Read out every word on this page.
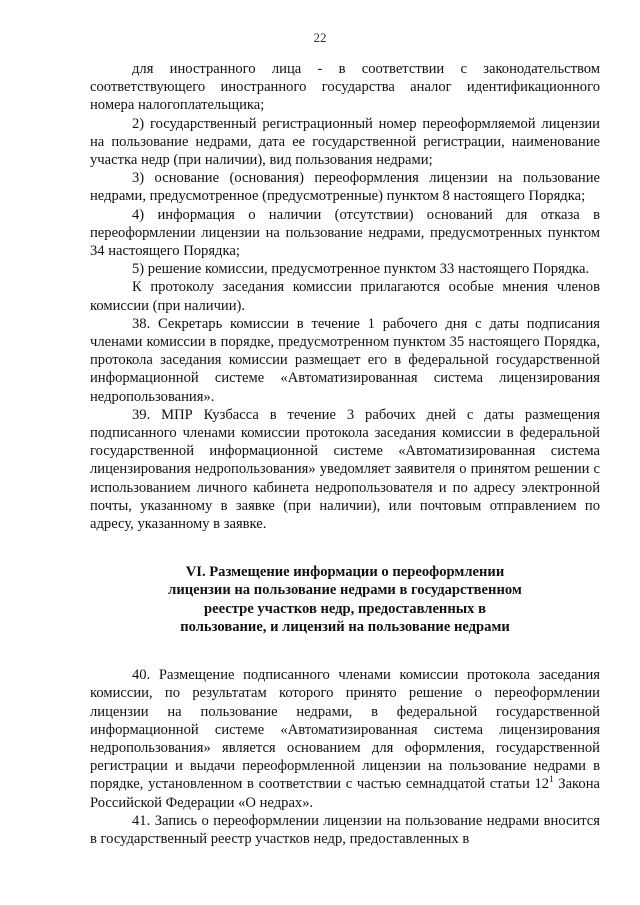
22

для иностранного лица - в соответствии с законодательством соответствующего иностранного государства аналог идентификационного номера налогоплательщика;

2) государственный регистрационный номер переоформляемой лицензии на пользование недрами, дата ее государственной регистрации, наименование участка недр (при наличии), вид пользования недрами;

3) основание (основания) переоформления лицензии на пользование недрами, предусмотренное (предусмотренные) пунктом 8 настоящего Порядка;

4) информация о наличии (отсутствии) оснований для отказа в переоформлении лицензии на пользование недрами, предусмотренных пунктом 34 настоящего Порядка;

5) решение комиссии, предусмотренное пунктом 33 настоящего Порядка.

К протоколу заседания комиссии прилагаются особые мнения членов комиссии (при наличии).

38. Секретарь комиссии в течение 1 рабочего дня с даты подписания членами комиссии в порядке, предусмотренном пунктом 35 настоящего Порядка, протокола заседания комиссии размещает его в федеральной государственной информационной системе «Автоматизированная система лицензирования недропользования».

39. МПР Кузбасса в течение 3 рабочих дней с даты размещения подписанного членами комиссии протокола заседания комиссии в федеральной государственной информационной системе «Автоматизированная система лицензирования недропользования» уведомляет заявителя о принятом решении с использованием личного кабинета недропользователя и по адресу электронной почты, указанному в заявке (при наличии), или почтовым отправлением по адресу, указанному в заявке.

VI. Размещение информации о переоформлении
лицензии на пользование недрами в государственном
реестре участков недр, предоставленных в
пользование, и лицензий на пользование недрами

40. Размещение подписанного членами комиссии протокола заседания комиссии, по результатам которого принято решение о переоформлении лицензии на пользование недрами, в федеральной государственной информационной системе «Автоматизированная система лицензирования недропользования» является основанием для оформления, государственной регистрации и выдачи переоформленной лицензии на пользование недрами в порядке, установленном в соответствии с частью семнадцатой статьи $12^1$ Закона Российской Федерации «О недрах».

41. Запись о переоформлении лицензии на пользование недрами вносится в государственный реестр участков недр, предоставленных в
